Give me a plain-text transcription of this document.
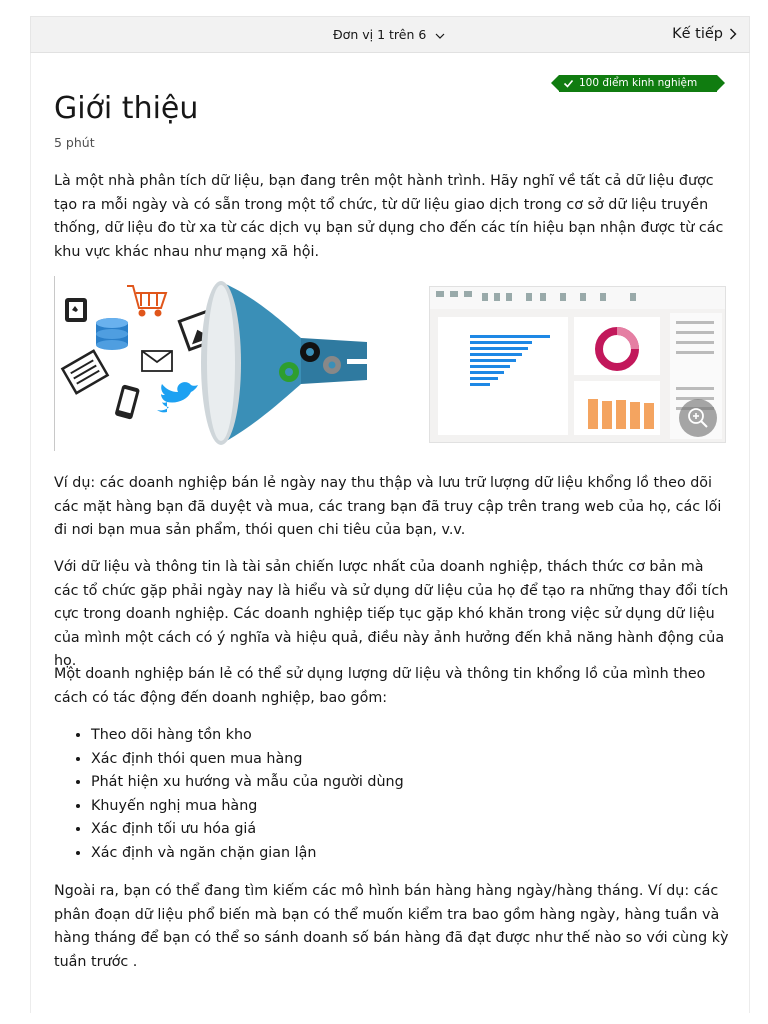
Đơn vị 1 trên 6	Kế tiếp
100 điểm kinh nghiệm
Giới thiệu
5 phút

Là một nhà phân tích dữ liệu, bạn đang trên một hành trình. Hãy nghĩ về tất cả dữ liệu được tạo ra mỗi ngày và có sẵn trong một tổ chức, từ dữ liệu giao dịch trong cơ sở dữ liệu truyền thống, dữ liệu đo từ xa từ các dịch vụ bạn sử dụng cho đến các tín hiệu bạn nhận được từ các khu vực khác nhau như mạng xã hội.

Ví dụ: các doanh nghiệp bán lẻ ngày nay thu thập và lưu trữ lượng dữ liệu khổng lồ theo dõi các mặt hàng bạn đã duyệt và mua, các trang bạn đã truy cập trên trang web của họ, các lối đi nơi bạn mua sản phẩm, thói quen chi tiêu của bạn, v.v.

Với dữ liệu và thông tin là tài sản chiến lược nhất của doanh nghiệp, thách thức cơ bản mà các tổ chức gặp phải ngày nay là hiểu và sử dụng dữ liệu của họ để tạo ra những thay đổi tích cực trong doanh nghiệp. Các doanh nghiệp tiếp tục gặp khó khăn trong việc sử dụng dữ liệu của mình một cách có ý nghĩa và hiệu quả, điều này ảnh hưởng đến khả năng hành động của họ.

Một doanh nghiệp bán lẻ có thể sử dụng lượng dữ liệu và thông tin khổng lồ của mình theo cách có tác động đến doanh nghiệp, bao gồm:

• Theo dõi hàng tồn kho
• Xác định thói quen mua hàng
• Phát hiện xu hướng và mẫu của người dùng
• Khuyến nghị mua hàng
• Xác định tối ưu hóa giá
• Xác định và ngăn chặn gian lận

Ngoài ra, bạn có thể đang tìm kiếm các mô hình bán hàng hàng ngày/hàng tháng. Ví dụ: các phân đoạn dữ liệu phổ biến mà bạn có thể muốn kiểm tra bao gồm hàng ngày, hàng tuần và hàng tháng để bạn có thể so sánh doanh số bán hàng đã đạt được như thế nào so với cùng kỳ tuần trước .
